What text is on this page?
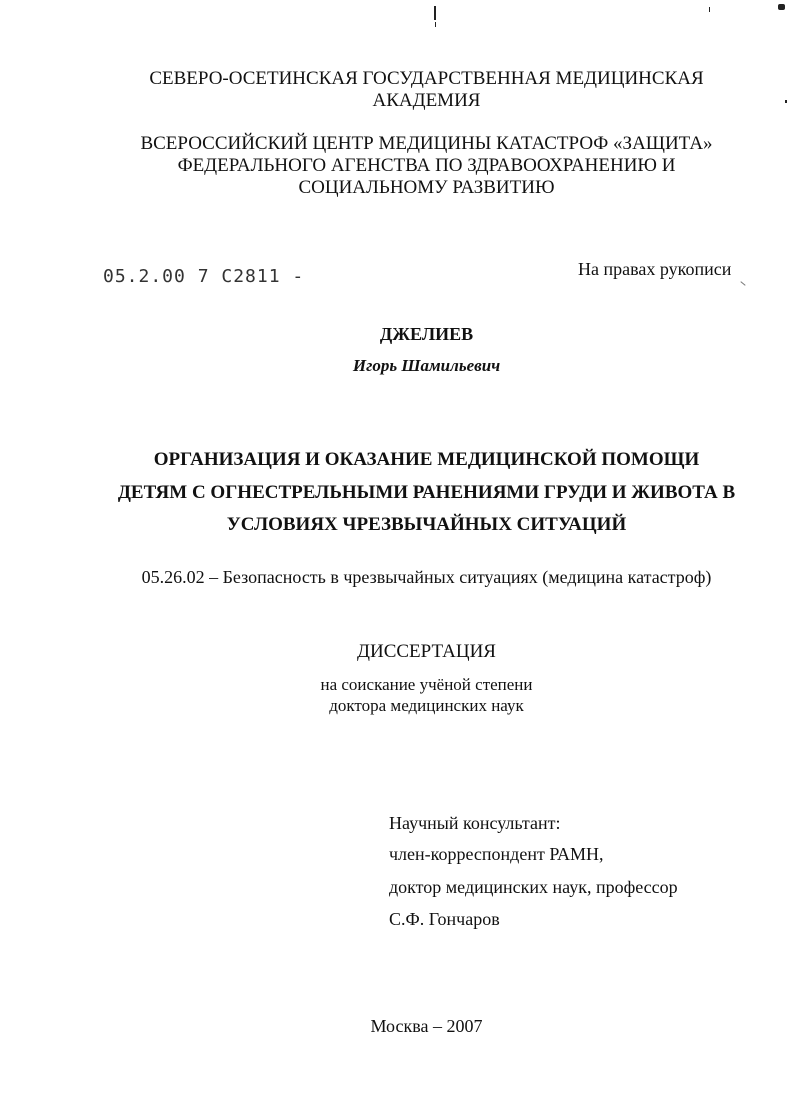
СЕВЕРО-ОСЕТИНСКАЯ ГОСУДАРСТВЕННАЯ МЕДИЦИНСКАЯ
АКАДЕМИЯ
ВСЕРОССИЙСКИЙ ЦЕНТР МЕДИЦИНЫ КАТАСТРОФ «ЗАЩИТА»
ФЕДЕРАЛЬНОГО АГЕНСТВА ПО ЗДРАВООХРАНЕНИЮ И
СОЦИАЛЬНОМУ РАЗВИТИЮ
05.2.00 7 C2811 -	На правах рукописи
ДЖЕЛИЕВ
Игорь Шамильевич
ОРГАНИЗАЦИЯ И ОКАЗАНИЕ МЕДИЦИНСКОЙ ПОМОЩИ
ДЕТЯМ С ОГНЕСТРЕЛЬНЫМИ РАНЕНИЯМИ ГРУДИ И ЖИВОТА В
УСЛОВИЯХ ЧРЕЗВЫЧАЙНЫХ СИТУАЦИЙ
05.26.02 – Безопасность в чрезвычайных ситуациях (медицина катастроф)
ДИССЕРТАЦИЯ
на соискание учёной степени
доктора медицинских наук
Научный консультант:
член-корреспондент РАМН,
доктор медицинских наук, профессор
С.Ф. Гончаров
Москва – 2007
